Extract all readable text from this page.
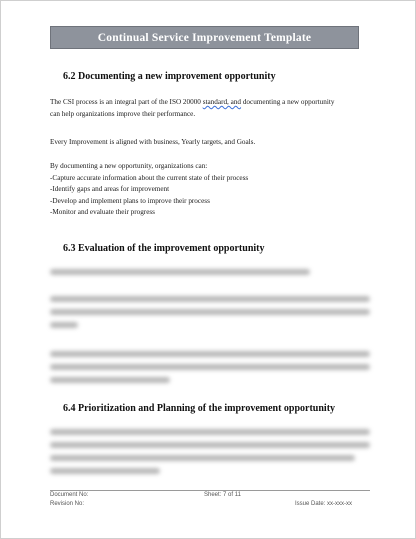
Continual Service Improvement Template
6.2 Documenting a new improvement opportunity
The CSI process is an integral part of the ISO 20000 standard, and documenting a new opportunity
can help organizations improve their performance.
Every Improvement is aligned with business, Yearly targets, and Goals.
By documenting a new opportunity, organizations can:
-Capture accurate information about the current state of their process
-Identify gaps and areas for improvement
-Develop and implement plans to improve their process
-Monitor and evaluate their progress
6.3 Evaluation of the improvement opportunity
6.4 Prioritization and Planning of the improvement opportunity
Document No:
Revision No:
Sheet: 7 of 11
Issue Date: xx-xxx-xx
